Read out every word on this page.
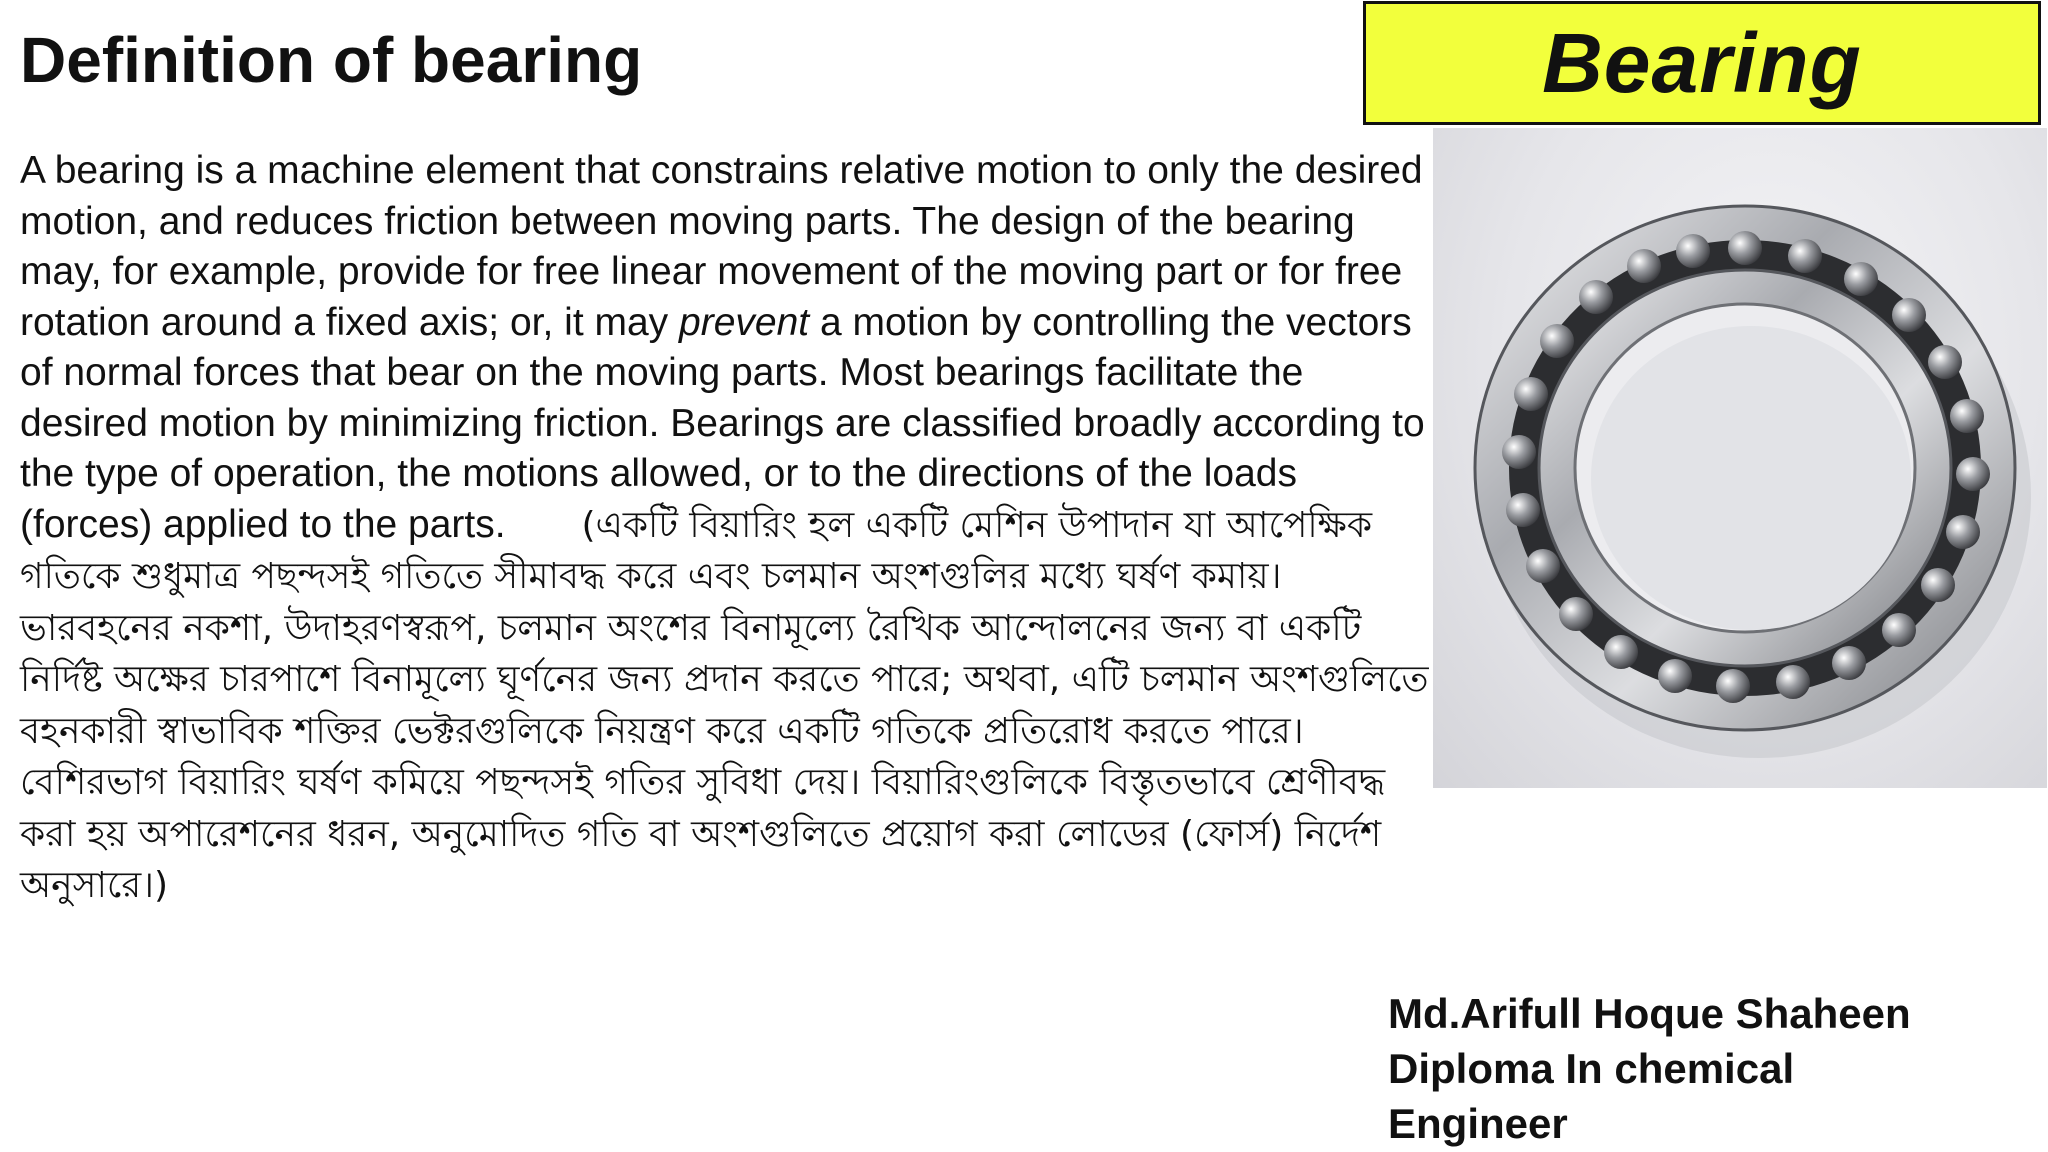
Definition of bearing	Bearing

A bearing is a machine element that constrains relative motion to only the desired motion, and reduces friction between moving parts. The design of the bearing may, for example, provide for free linear movement of the moving part or for free rotation around a fixed axis; or, it may prevent a motion by controlling the vectors of normal forces that bear on the moving parts. Most bearings facilitate the desired motion by minimizing friction. Bearings are classified broadly according to the type of operation, the motions allowed, or to the directions of the loads (forces) applied to the parts. (একটি বিয়ারিং হল একটি মেশিন উপাদান যা আপেক্ষিক গতিকে শুধুমাত্র পছন্দসই গতিতে সীমাবদ্ধ করে এবং চলমান অংশগুলির মধ্যে ঘর্ষণ কমায়। ভারবহনের নকশা, উদাহরণস্বরূপ, চলমান অংশের বিনামূল্যে রৈখিক আন্দোলনের জন্য বা একটি নির্দিষ্ট অক্ষের চারপাশে বিনামূল্যে ঘূর্ণনের জন্য প্রদান করতে পারে; অথবা, এটি চলমান অংশগুলিতে বহনকারী স্বাভাবিক শক্তির ভেক্টরগুলিকে নিয়ন্ত্রণ করে একটি গতিকে প্রতিরোধ করতে পারে। বেশিরভাগ বিয়ারিং ঘর্ষণ কমিয়ে পছন্দসই গতির সুবিধা দেয়। বিয়ারিংগুলিকে বিস্তৃতভাবে শ্রেণীবদ্ধ করা হয় অপারেশনের ধরন, অনুমোদিত গতি বা অংশগুলিতে প্রয়োগ করা লোডের (ফোর্স) নির্দেশ অনুসারে।)

Md.Arifull Hoque Shaheen
Diploma In chemical
Engineer
